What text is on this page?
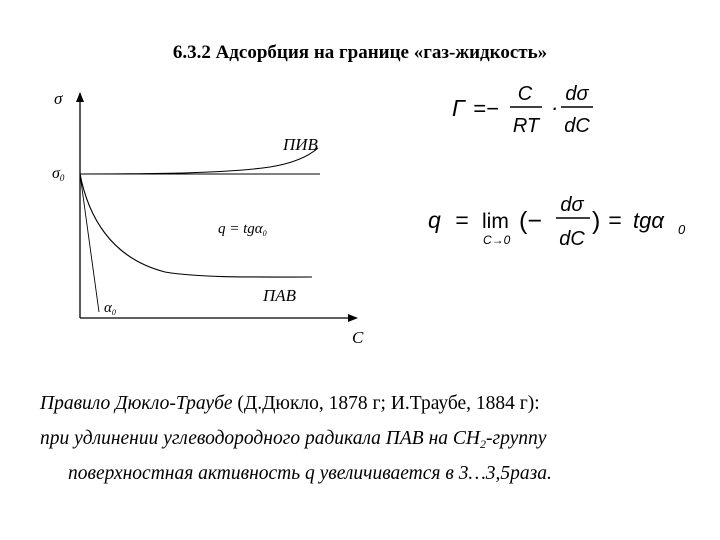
6.3.2 Адсорбция на границе «газ-жидкость»
σ
σ0
ПИВ
q = tgα$_0$
$\alpha_0$
ПАВ
C
Г =−
C
RT
·
dσ
dC
q = lim
C→0
(−
dσ
dC
) = tgα 0
Правило Дюкло-Траубе (Д.Дюкло, 1878 г; И.Траубе, 1884 г):
при удлинении углеводородного радикала ПАВ на $СН_2$-группу
поверхностная активность q увеличивается в 3…3,5раза.
